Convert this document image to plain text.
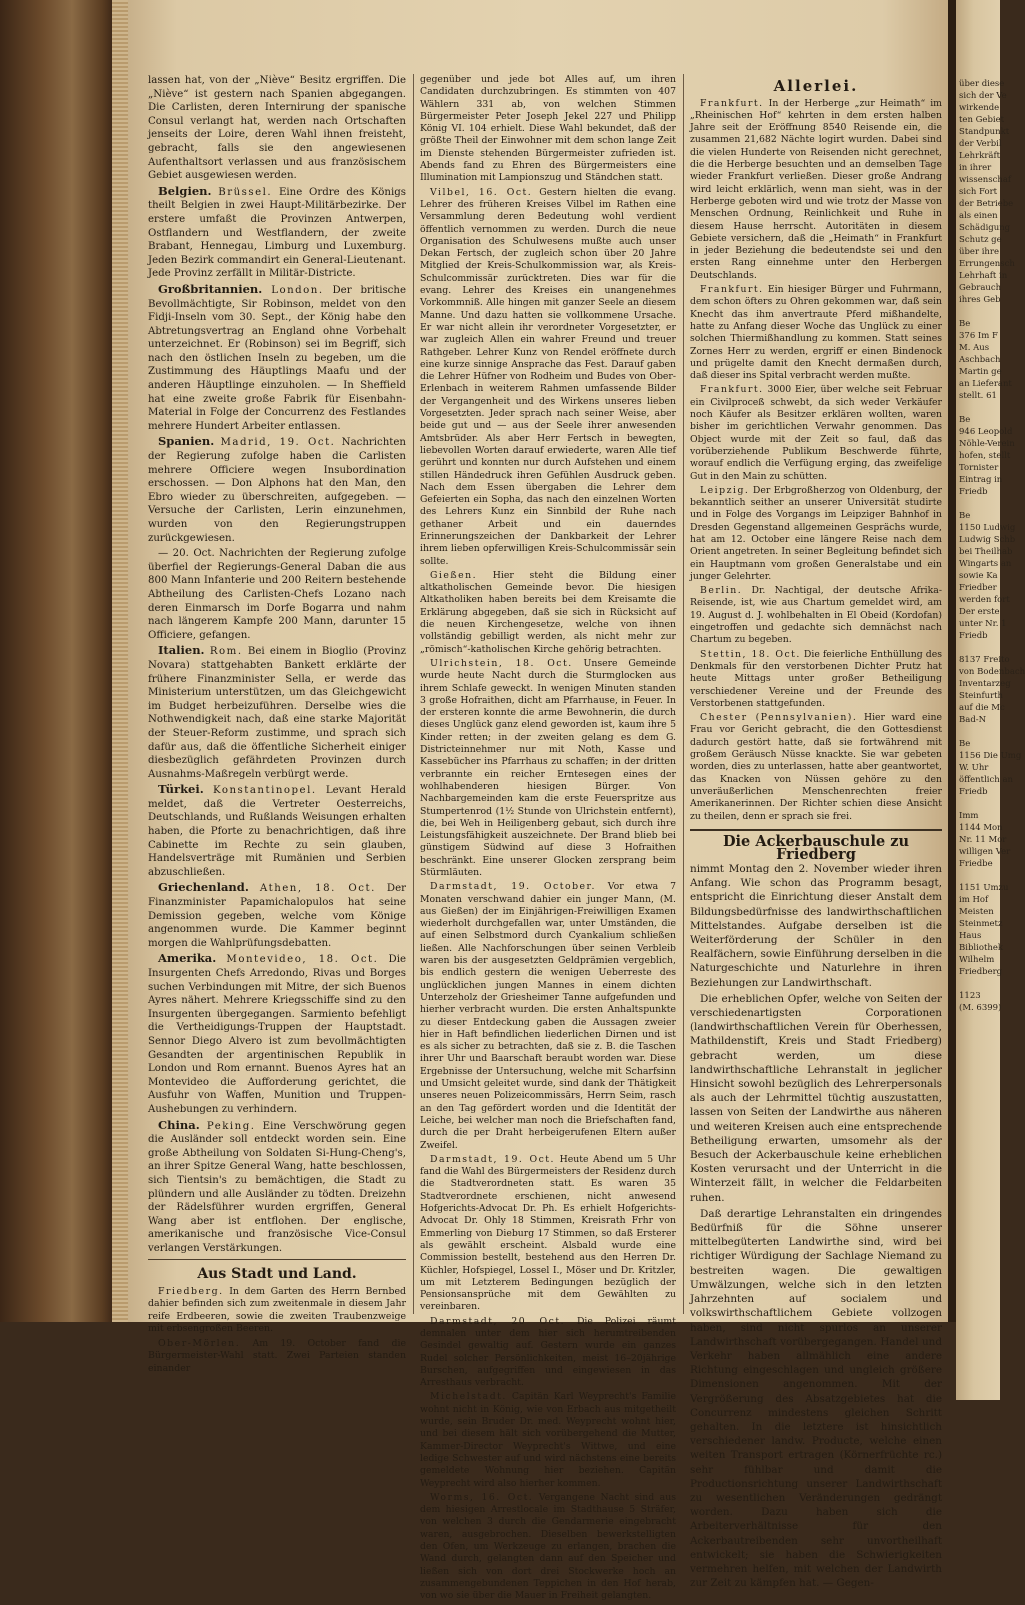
über diese
sich der Ve
wirkende
ten Gebiet
Standpunkt
der Verbil
Lehrkräft
in ihrer
wissenschaf
sich Fort
der Betriebe
als einen
Schädigung
Schutz ge
über ihre
Errungensch
Lehrhaft in
Gebrauch
ihres Geb

Be
376 Im F
M. Aus
Aschbach
Martin ge
an Lieferant
stellt. 61

Be
946 Leopold
Nöhle-Verein
hofen, stellt
Tornister
Eintrag in
Friedb

Be
1150 Ludwig
Ludwig Schb
bei Theilhab
Wingarts an
sowie Ka
Friedber
werden fort
Der erste
unter Nr. 1
Friedb

8137 Freito
von Bodenbach
Inventarzeg
Steinfurth
auf die Mc
Bad-N

Be
1156 Die Umg
W. Uhr
öffentlich an
Friedb

Imm
1144 Mon
Nr. 11 Mor
willigen Ver
Friedbe

1151 Umzu
im Hof
Meisten
Steinmetz
Haus
Bibliothek
Wilhelm
Friedberg

1123
(M. 6399)

lassen hat, von der „Niève“ Besitz ergriffen. Die „Niève“ ist gestern nach Spanien abgegangen. Die Carlisten, deren Internirung der spanische Consul verlangt hat, werden nach Ortschaften jenseits der Loire, deren Wahl ihnen freisteht, gebracht, falls sie den angewiesenen Aufenthaltsort verlassen und aus französischem Gebiet ausgewiesen werden.

Belgien. Brüssel. Eine Ordre des Königs theilt Belgien in zwei Haupt-Militärbezirke. Der erstere umfaßt die Provinzen Antwerpen, Ostflandern und Westflandern, der zweite Brabant, Hennegau, Limburg und Luxemburg. Jeden Bezirk commandirt ein General-Lieutenant. Jede Provinz zerfällt in Militär-Districte.

Großbritannien. London. Der britische Bevollmächtigte, Sir Robinson, meldet von den Fidji-Inseln vom 30. Sept., der König habe den Abtretungsvertrag an England ohne Vorbehalt unterzeichnet. Er (Robinson) sei im Begriff, sich nach den östlichen Inseln zu begeben, um die Zustimmung des Häuptlings Maafu und der anderen Häuptlinge einzuholen. — In Sheffield hat eine zweite große Fabrik für Eisenbahn-Material in Folge der Concurrenz des Festlandes mehrere Hundert Arbeiter entlassen.

Spanien. Madrid, 19. Oct. Nachrichten der Regierung zufolge haben die Carlisten mehrere Officiere wegen Insubordination erschossen. — Don Alphons hat den Man, den Ebro wieder zu überschreiten, aufgegeben. — Versuche der Carlisten, Lerin einzunehmen, wurden von den Regierungstruppen zurückgewiesen.

— 20. Oct. Nachrichten der Regierung zufolge überfiel der Regierungs-General Daban die aus 800 Mann Infanterie und 200 Reitern bestehende Abtheilung des Carlisten-Chefs Lozano nach deren Einmarsch im Dorfe Bogarra und nahm nach längerem Kampfe 200 Mann, darunter 15 Officiere, gefangen.

Italien. Rom. Bei einem in Bioglio (Provinz Novara) stattgehabten Bankett erklärte der frühere Finanzminister Sella, er werde das Ministerium unterstützen, um das Gleichgewicht im Budget herbeizuführen. Derselbe wies die Nothwendigkeit nach, daß eine starke Majorität der Steuer-Reform zustimme, und sprach sich dafür aus, daß die öffentliche Sicherheit einiger diesbezüglich gefährdeten Provinzen durch Ausnahms-Maßregeln verbürgt werde.

Türkei. Konstantinopel. Levant Herald meldet, daß die Vertreter Oesterreichs, Deutschlands, und Rußlands Weisungen erhalten haben, die Pforte zu benachrichtigen, daß ihre Cabinette im Rechte zu sein glauben, Handelsverträge mit Rumänien und Serbien abzuschließen.

Griechenland. Athen, 18. Oct. Der Finanzminister Papamichalopulos hat seine Demission gegeben, welche vom Könige angenommen wurde. Die Kammer beginnt morgen die Wahlprüfungsdebatten.

Amerika. Montevideo, 18. Oct. Die Insurgenten Chefs Arredondo, Rivas und Borges suchen Verbindungen mit Mitre, der sich Buenos Ayres nähert. Mehrere Kriegsschiffe sind zu den Insurgenten übergegangen. Sarmiento befehligt die Vertheidigungs-Truppen der Hauptstadt. Sennor Diego Alvero ist zum bevollmächtigten Gesandten der argentinischen Republik in London und Rom ernannt. Buenos Ayres hat an Montevideo die Aufforderung gerichtet, die Ausfuhr von Waffen, Munition und Truppen-Aushebungen zu verhindern.

China. Peking. Eine Verschwörung gegen die Ausländer soll entdeckt worden sein. Eine große Abtheilung von Soldaten Si-Hung-Cheng's, an ihrer Spitze General Wang, hatte beschlossen, sich Tientsin's zu bemächtigen, die Stadt zu plündern und alle Ausländer zu tödten. Dreizehn der Rädelsführer wurden ergriffen, General Wang aber ist entflohen. Der englische, amerikanische und französische Vice-Consul verlangen Verstärkungen.

Aus Stadt und Land.

Friedberg. In dem Garten des Herrn Bernbed dahier befinden sich zum zweitenmale in diesem Jahr reife Erdbeeren, sowie die zweiten Traubenzweige mit erbsengroßen Beeren.

Ober-Mörlen. Am 19. October fand die Bürgermeister-Wahl statt. Zwei Parteien standen einander

gegenüber und jede bot Alles auf, um ihren Candidaten durchzubringen. Es stimmten von 407 Wählern 331 ab, von welchen Stimmen Bürgermeister Peter Joseph Jekel 227 und Philipp König VI. 104 erhielt. Diese Wahl bekundet, daß der größte Theil der Einwohner mit dem schon lange Zeit im Dienste stehenden Bürgermeister zufrieden ist. Abends fand zu Ehren des Bürgermeisters eine Illumination mit Lampionszug und Ständchen statt.

Vilbel, 16. Oct. Gestern hielten die evang. Lehrer des früheren Kreises Vilbel im Rathen eine Versammlung deren Bedeutung wohl verdient öffentlich vernommen zu werden. Durch die neue Organisation des Schulwesens mußte auch unser Dekan Fertsch, der zugleich schon über 20 Jahre Mitglied der Kreis-Schulkommission war, als Kreis-Schulcommissär zurücktreten. Dies war für die evang. Lehrer des Kreises ein unangenehmes Vorkommniß. Alle hingen mit ganzer Seele an diesem Manne. Und dazu hatten sie vollkommene Ursache. Er war nicht allein ihr verordneter Vorgesetzter, er war zugleich Allen ein wahrer Freund und treuer Rathgeber. Lehrer Kunz von Rendel eröffnete durch eine kurze sinnige Ansprache das Fest. Darauf gaben die Lehrer Hüfner von Rodheim und Budes von Ober-Erlenbach in weiterem Rahmen umfassende Bilder der Vergangenheit und des Wirkens unseres lieben Vorgesetzten. Jeder sprach nach seiner Weise, aber beide gut und — aus der Seele ihrer anwesenden Amtsbrüder. Als aber Herr Fertsch in bewegten, liebevollen Worten darauf erwiederte, waren Alle tief gerührt und konnten nur durch Aufstehen und einem stillen Händedruck ihren Gefühlen Ausdruck geben. Nach dem Essen übergaben die Lehrer dem Gefeierten ein Sopha, das nach den einzelnen Worten des Lehrers Kunz ein Sinnbild der Ruhe nach gethaner Arbeit und ein dauerndes Erinnerungszeichen der Dankbarkeit der Lehrer ihrem lieben opferwilligen Kreis-Schulcommissär sein sollte.

Gießen. Hier steht die Bildung einer altkatholischen Gemeinde bevor. Die hiesigen Altkatholiken haben bereits bei dem Kreisamte die Erklärung abgegeben, daß sie sich in Rücksicht auf die neuen Kirchengesetze, welche von ihnen vollständig gebilligt werden, als nicht mehr zur „römisch“-katholischen Kirche gehörig betrachten.

Ulrichstein, 18. Oct. Unsere Gemeinde wurde heute Nacht durch die Sturmglocken aus ihrem Schlafe geweckt. In wenigen Minuten standen 3 große Hofraithen, dicht am Pfarrhause, in Feuer. In der ersteren konnte die arme Bewohnerin, die durch dieses Unglück ganz elend geworden ist, kaum ihre 5 Kinder retten; in der zweiten gelang es dem G. Districteinnehmer nur mit Noth, Kasse und Kassebücher ins Pfarrhaus zu schaffen; in der dritten verbrannte ein reicher Erntesegen eines der wohlhabenderen hiesigen Bürger. Von Nachbargemeinden kam die erste Feuerspritze aus Stumpertenrod (1½ Stunde von Ulrichstein entfernt), die, bei Weh in Heiligenberg gebaut, sich durch ihre Leistungsfähigkeit auszeichnete. Der Brand blieb bei günstigem Südwind auf diese 3 Hofraithen beschränkt. Eine unserer Glocken zersprang beim Stürmläuten.

Darmstadt, 19. October. Vor etwa 7 Monaten verschwand dahier ein junger Mann, (M. aus Gießen) der im Einjährigen-Freiwilligen Examen wiederholt durchgefallen war, unter Umständen, die auf einen Selbstmord durch Cyankalium schließen ließen. Alle Nachforschungen über seinen Verbleib waren bis der ausgesetzten Geldprämien vergeblich, bis endlich gestern die wenigen Ueberreste des unglücklichen jungen Mannes in einem dichten Unterzeholz der Griesheimer Tanne aufgefunden und hierher verbracht wurden. Die ersten Anhaltspunkte zu dieser Entdeckung gaben die Aussagen zweier hier in Haft befindlichen liederlichen Dirnen und ist es als sicher zu betrachten, daß sie z. B. die Taschen ihrer Uhr und Baarschaft beraubt worden war. Diese Ergebnisse der Untersuchung, welche mit Scharfsinn und Umsicht geleitet wurde, sind dank der Thätigkeit unseres neuen Polizeicommissärs, Herrn Seim, rasch an den Tag gefördert worden und die Identität der Leiche, bei welcher man noch die Briefschaften fand, durch die per Draht herbeigerufenen Eltern außer Zweifel.

Darmstadt, 19. Oct. Heute Abend um 5 Uhr fand die Wahl des Bürgermeisters der Residenz durch die Stadtverordneten statt. Es waren 35 Stadtverordnete erschienen, nicht anwesend Hofgerichts-Advocat Dr. Ph. Es erhielt Hofgerichts-Advocat Dr. Ohly 18 Stimmen, Kreisrath Frhr von Emmerling von Dieburg 17 Stimmen, so daß Ersterer als gewählt erscheint. Alsbald wurde eine Commission bestellt, bestehend aus den Herren Dr. Küchler, Hofspiegel, Lossel I., Möser und Dr. Kritzler, um mit Letzterem Bedingungen bezüglich der Pensionsansprüche mit dem Gewählten zu vereinbaren.

Darmstadt, 20 Oct. Die Polizei räumt demnalen unter dem hier sich herumtreibenden Gesindel gewaltig auf. Gestern wurde ein ganzes Rudel solcher Persönlichkeiten, meist 16–20jährige Burschen, aufgegriffen und eingewiesen in das Arresthaus verbracht.

Michelstadt. Capitän Karl Weyprecht's Familie wohnt nicht in König, wie von Erbach aus mitgetheilt wurde, sein Bruder Dr. med. Weyprecht wohnt hier, und bei diesem hält sich vorübergehend die Mutter, Kammer-Director Weyprecht's Wittwe, und eine ledige Schwester auf und wird nächstens eine bereits gemeldete Wohnung hier beziehen. Capitän Weyprecht wird also hierher kommen.

Worms, 16. Oct. Vergangene Nacht sind aus dem hiesigen Arrestlocale im Stadthause 5 Sträfer, von welchen 3 durch die Gendarmerie eingebracht waren, ausgebrochen. Dieselben bewerkstelligten den Ofen, um Werkzeuge zu erlangen, brachen die Wand durch, gelangten dann auf den Speicher und ließen sich von dort drei Stockwerke hoch an zusammengebundenen Teppichen in den Hof herab, von wo sie über die Mauer in Freiheit gelangten.

Allerlei.

Frankfurt. In der Herberge „zur Heimath“ im „Rheinischen Hof“ kehrten in dem ersten halben Jahre seit der Eröffnung 8540 Reisende ein, die zusammen 21,682 Nächte logirt wurden. Dabei sind die vielen Hunderte von Reisenden nicht gerechnet, die die Herberge besuchten und an demselben Tage wieder Frankfurt verließen. Dieser große Andrang wird leicht erklärlich, wenn man sieht, was in der Herberge geboten wird und wie trotz der Masse von Menschen Ordnung, Reinlichkeit und Ruhe in diesem Hause herrscht. Autoritäten in diesem Gebiete versichern, daß die „Heimath“ in Frankfurt in jeder Beziehung die bedeutendste sei und den ersten Rang einnehme unter den Herbergen Deutschlands.

Frankfurt. Ein hiesiger Bürger und Fuhrmann, dem schon öfters zu Ohren gekommen war, daß sein Knecht das ihm anvertraute Pferd mißhandelte, hatte zu Anfang dieser Woche das Unglück zu einer solchen Thiermißhandlung zu kommen. Statt seines Zornes Herr zu werden, ergriff er einen Bindenock und prügelte damit den Knecht dermaßen durch, daß dieser ins Spital verbracht werden mußte.

Frankfurt. 3000 Eier, über welche seit Februar ein Civilproceß schwebt, da sich weder Verkäufer noch Käufer als Besitzer erklären wollten, waren bisher im gerichtlichen Verwahr genommen. Das Object wurde mit der Zeit so faul, daß das vorüberziehende Publikum Beschwerde führte, worauf endlich die Verfügung erging, das zweifelige Gut in den Main zu schütten.

Leipzig. Der Erbgroßherzog von Oldenburg, der bekanntlich seither an unserer Universität studirte und in Folge des Vorgangs im Leipziger Bahnhof in Dresden Gegenstand allgemeinen Gesprächs wurde, hat am 12. October eine längere Reise nach dem Orient angetreten. In seiner Begleitung befindet sich ein Hauptmann vom großen Generalstabe und ein junger Gelehrter.

Berlin. Dr. Nachtigal, der deutsche Afrika-Reisende, ist, wie aus Chartum gemeldet wird, am 19. August d. J. wohlbehalten in El Obeid (Kordofan) eingetroffen und gedachte sich demnächst nach Chartum zu begeben.

Stettin, 18. Oct. Die feierliche Enthüllung des Denkmals für den verstorbenen Dichter Prutz hat heute Mittags unter großer Betheiligung verschiedener Vereine und der Freunde des Verstorbenen stattgefunden.

Chester (Pennsylvanien). Hier ward eine Frau vor Gericht gebracht, die den Gottesdienst dadurch gestört hatte, daß sie fortwährend mit großem Geräusch Nüsse knackte. Sie war gebeten worden, dies zu unterlassen, hatte aber geantwortet, das Knacken von Nüssen gehöre zu den unveräußerlichen Menschenrechten freier Amerikanerinnen. Der Richter schien diese Ansicht zu theilen, denn er sprach sie frei.

Die Ackerbauschule zu Friedberg

nimmt Montag den 2. November wieder ihren Anfang. Wie schon das Programm besagt, entspricht die Einrichtung dieser Anstalt dem Bildungsbedürfnisse des landwirthschaftlichen Mittelstandes. Aufgabe derselben ist die Weiterförderung der Schüler in den Realfächern, sowie Einführung derselben in die Naturgeschichte und Naturlehre in ihren Beziehungen zur Landwirthschaft.

Die erheblichen Opfer, welche von Seiten der verschiedenartigsten Corporationen (landwirthschaftlichen Verein für Oberhessen, Mathildenstift, Kreis und Stadt Friedberg) gebracht werden, um diese landwirthschaftliche Lehranstalt in jeglicher Hinsicht sowohl bezüglich des Lehrerpersonals als auch der Lehrmittel tüchtig auszustatten, lassen von Seiten der Landwirthe aus näheren und weiteren Kreisen auch eine entsprechende Betheiligung erwarten, umsomehr als der Besuch der Ackerbauschule keine erheblichen Kosten verursacht und der Unterricht in die Winterzeit fällt, in welcher die Feldarbeiten ruhen.

Daß derartige Lehranstalten ein dringendes Bedürfniß für die Söhne unserer mittelbegüterten Landwirthe sind, wird bei richtiger Würdigung der Sachlage Niemand zu bestreiten wagen. Die gewaltigen Umwälzungen, welche sich in den letzten Jahrzehnten auf socialem und volkswirthschaftlichem Gebiete vollzogen haben, sind nicht spurlos an unserer Landwirthschaft vorübergegangen. Handel und Verkehr haben allmählich eine andere Richtung eingeschlagen und ungleich größere Dimensionen angenommen. Mit der Vergrößerung des Absatzgebietes hat die Concurrenz mindestens gleichen Schritt gehalten. In die letztere ist hinsichtlich verschiedener landw. Producte, welche einen weiten Transport ertragen (Körnerfrüchte rc.) sehr fühlbar und damit die Productionsrichtung unserer Landwirthschaft zu wesentlichen Veränderungen gedrängt worden. Dazu haben sich die Arbeiterverhältnisse für den Ackerbautreibenden sehr unvortheilhaft entwickelt; sie haben die Schwierigkeiten vermehren helfen, mit welchen der Landwirth zur Zeit zu kämpfen hat. — Gegen-
